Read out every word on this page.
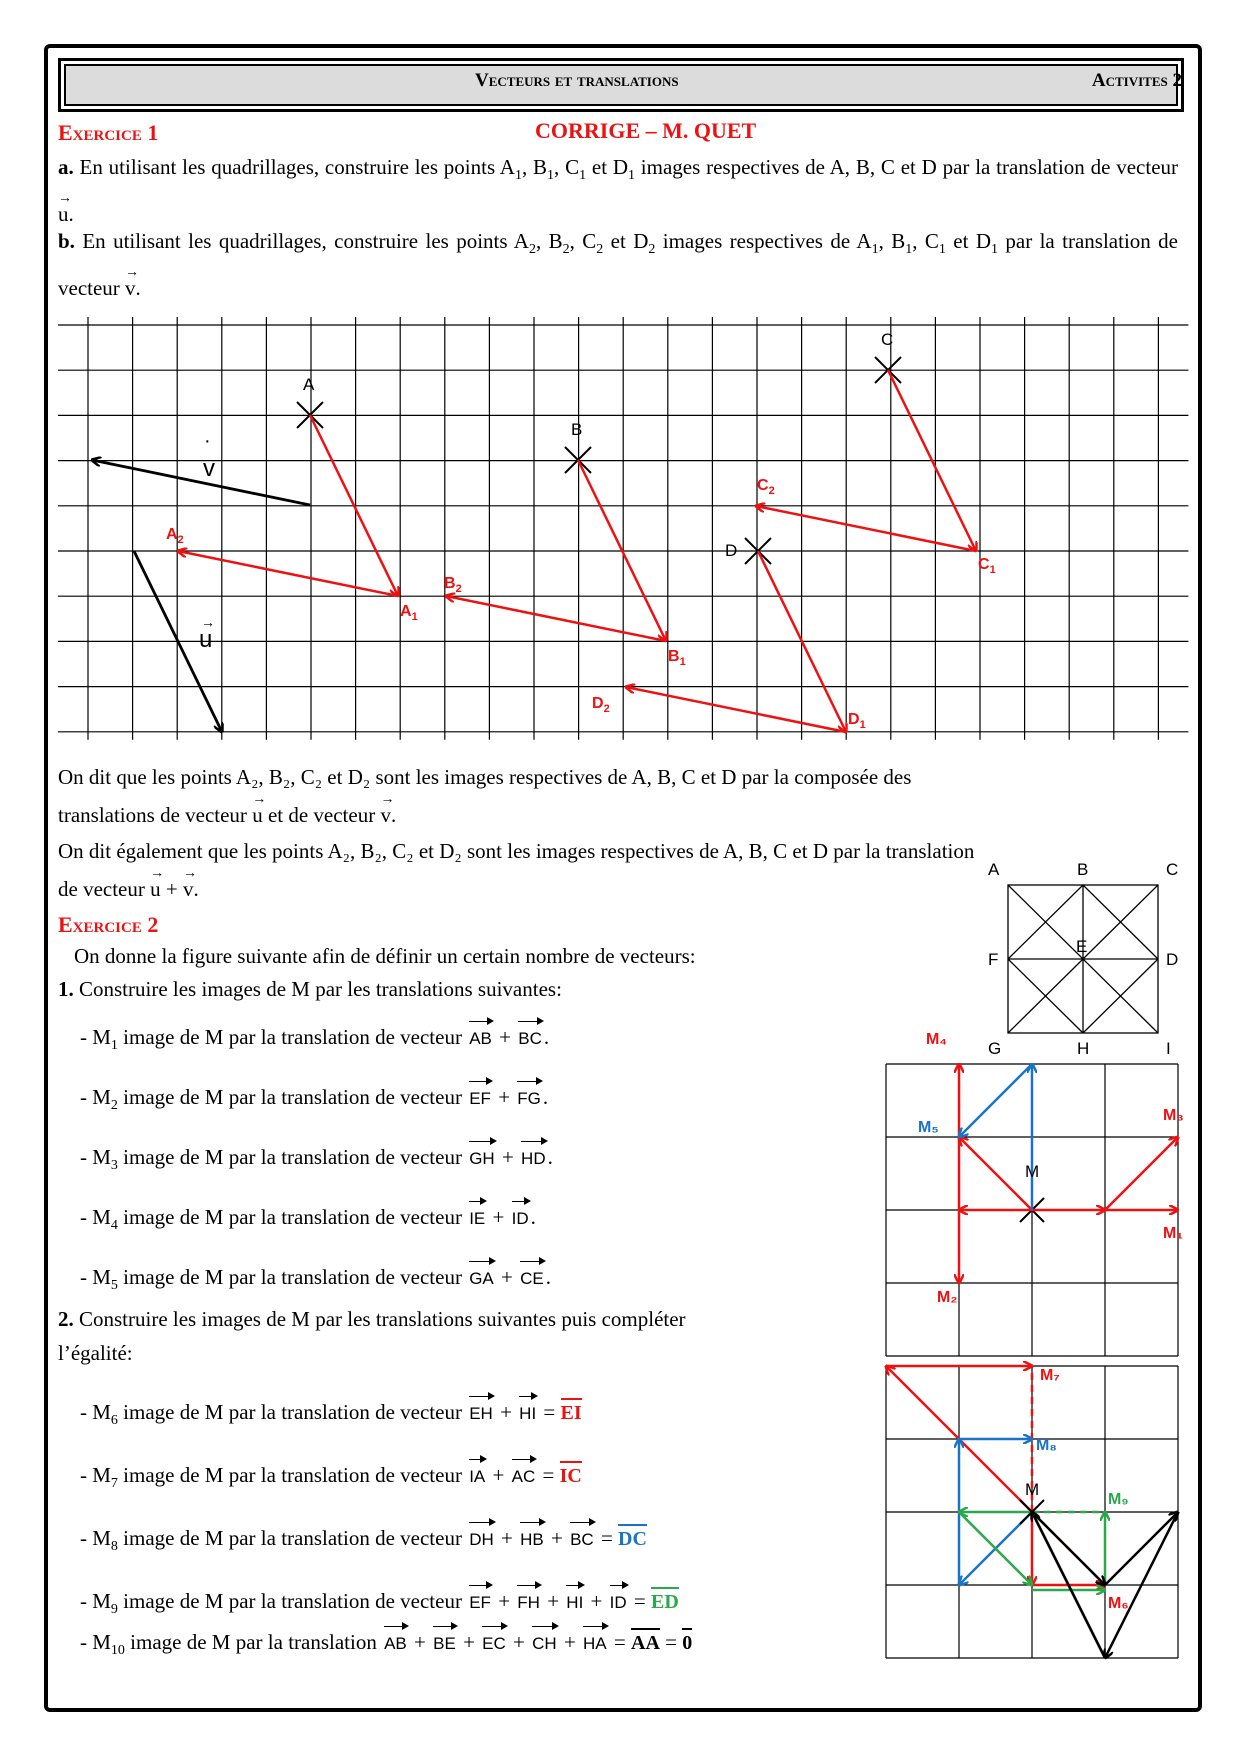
Vecteurs et translations	Activites 2
Exercice 1	CORRIGE – M. QUET
a. En utilisant les quadrillages, construire les points $A_1$, $B_1$, $C_1$ et $D_1$ images respectives de A, B, C et D par la translation de vecteur → u.
b. En utilisant les quadrillages, construire les points $A_2$, $B_2$, $C_2$ et $D_2$ images respectives de $A_1$, $B_1$, $C_1$ et $D_1$ par la translation de vecteur → v.
A
B
C
D
v
·
u
→
$A_1$
$B_1$
$C_1$
$D_1$
$A_2$
$B_2$
$C_2$
$D_2$
On dit que les points A₂, B₂, C₂ et D₂ sont les images respectives de A, B, C et D par la composée des
translations de vecteur → u et de vecteur → v.
On dit également que les points A₂, B₂, C₂ et D₂ sont les images respectives de A, B, C et D par la translation
de vecteur → u + → v.
Exercice 2
On donne la figure suivante afin de définir un certain nombre de vecteurs:
1. Construire les images de M par les translations suivantes:
- $M_1$ image de M par la translation de vecteur AB + BC.
- $M_2$ image de M par la translation de vecteur EF + FG.
- $M_3$ image de M par la translation de vecteur GH + HD.
- $M_4$ image de M par la translation de vecteur IE + ID.
- $M_5$ image de M par la translation de vecteur GA + CE.
2. Construire les images de M par les translations suivantes puis compléter
l’égalité:
- $M_6$ image de M par la translation de vecteur EH + HI = EI
- $M_7$ image de M par la translation de vecteur IA + AC = IC
- $M_8$ image de M par la translation de vecteur DH + HB + BC = DC
- $M_9$ image de M par la translation de vecteur EF + FH + HI + ID = ED
- $M_{10}$ image de M par la translation AB + BE + EC + CH + HA = AA = 0
A	B	C
D
E
F
G	H	I
M
M₁
M₂
M₃
M₄
M₅
M
M₆
M₇
M₈
M₉
